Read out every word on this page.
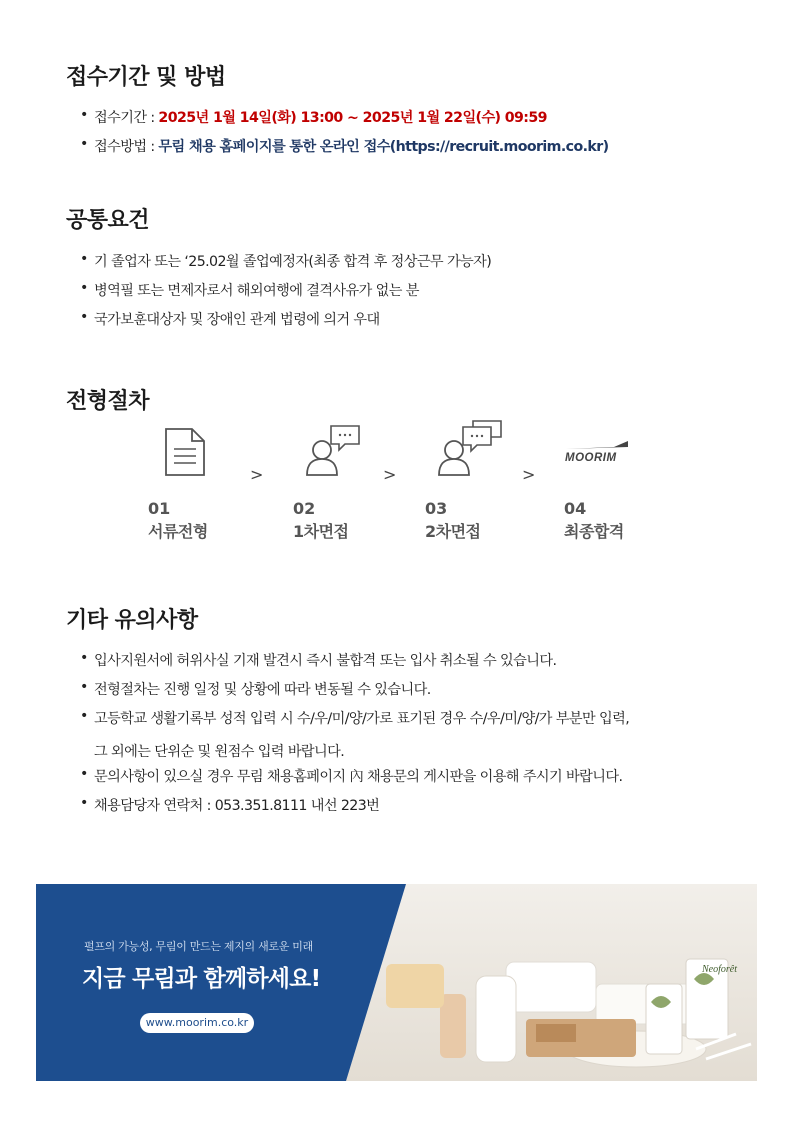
접수기간 및 방법
• 접수기간 : 2025년 1월 14일(화) 13:00 ~ 2025년 1월 22일(수) 09:59
• 접수방법 : 무림 채용 홈페이지를 통한 온라인 접수(https://recruit.moorim.co.kr)
공통요건
• 기 졸업자 또는 ‘25.02월 졸업예정자(최종 합격 후 정상근무 가능자)
• 병역필 또는 면제자로서 해외여행에 결격사유가 없는 분
• 국가보훈대상자 및 장애인 관계 법령에 의거 우대
전형절차
01
서류전형
>
02
1차면접
>
03
2차면접
>
MOORIM
04
최종합격
기타 유의사항
• 입사지원서에 허위사실 기재 발견시 즉시 불합격 또는 입사 취소될 수 있습니다.
• 전형절차는 진행 일정 및 상황에 따라 변동될 수 있습니다.
• 고등학교 생활기록부 성적 입력 시 수/우/미/양/가로 표기된 경우 수/우/미/양/가 부분만 입력,
그 외에는 단위순 및 원점수 입력 바랍니다.
• 문의사항이 있으실 경우 무림 채용홈페이지 內 채용문의 게시판을 이용해 주시기 바랍니다.
• 채용담당자 연락처 : 053.351.8111 내선 223번
Neoforêt
펄프의 가능성, 무림이 만드는 제지의 새로운 미래
지금 무림과 함께하세요!
www.moorim.co.kr
